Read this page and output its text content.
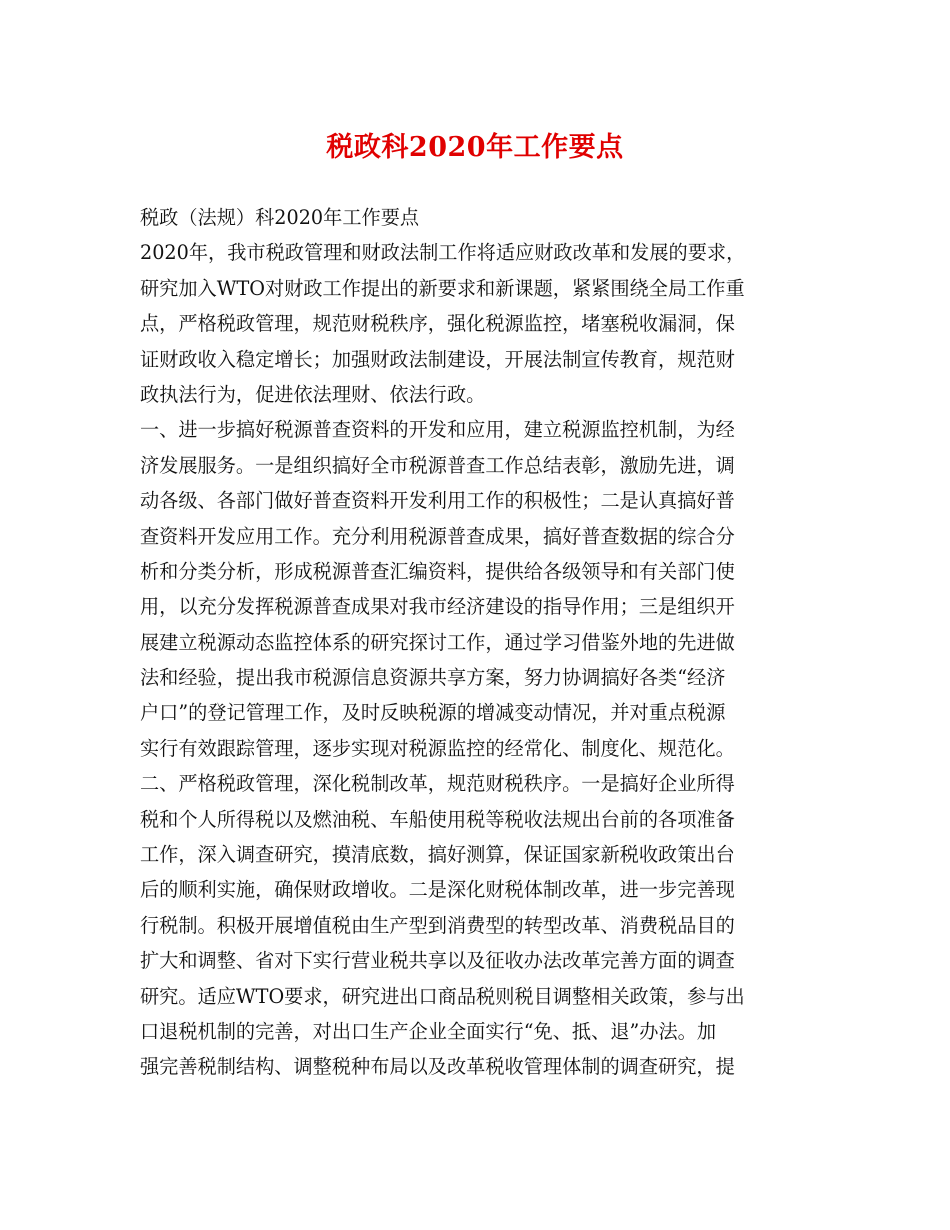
税政科2020年工作要点
税政（法规）科2020年工作要点
2020年，我市税政管理和财政法制工作将适应财政改革和发展的要求，
研究加入WTO对财政工作提出的新要求和新课题，紧紧围绕全局工作重
点，严格税政管理，规范财税秩序，强化税源监控，堵塞税收漏洞，保
证财政收入稳定增长；加强财政法制建设，开展法制宣传教育，规范财
政执法行为，促进依法理财、依法行政。
一、进一步搞好税源普查资料的开发和应用，建立税源监控机制，为经
济发展服务。一是组织搞好全市税源普查工作总结表彰，激励先进，调
动各级、各部门做好普查资料开发利用工作的积极性；二是认真搞好普
查资料开发应用工作。充分利用税源普查成果，搞好普查数据的综合分
析和分类分析，形成税源普查汇编资料，提供给各级领导和有关部门使
用，以充分发挥税源普查成果对我市经济建设的指导作用；三是组织开
展建立税源动态监控体系的研究探讨工作，通过学习借鉴外地的先进做
法和经验，提出我市税源信息资源共享方案，努力协调搞好各类“经济
户口”的登记管理工作，及时反映税源的增减变动情况，并对重点税源
实行有效跟踪管理，逐步实现对税源监控的经常化、制度化、规范化。
二、严格税政管理，深化税制改革，规范财税秩序。一是搞好企业所得
税和个人所得税以及燃油税、车船使用税等税收法规出台前的各项准备
工作，深入调查研究，摸清底数，搞好测算，保证国家新税收政策出台
后的顺利实施，确保财政增收。二是深化财税体制改革，进一步完善现
行税制。积极开展增值税由生产型到消费型的转型改革、消费税品目的
扩大和调整、省对下实行营业税共享以及征收办法改革完善方面的调查
研究。适应WTO要求，研究进出口商品税则税目调整相关政策，参与出
口退税机制的完善，对出口生产企业全面实行“免、抵、退”办法。加
强完善税制结构、调整税种布局以及改革税收管理体制的调查研究，提
